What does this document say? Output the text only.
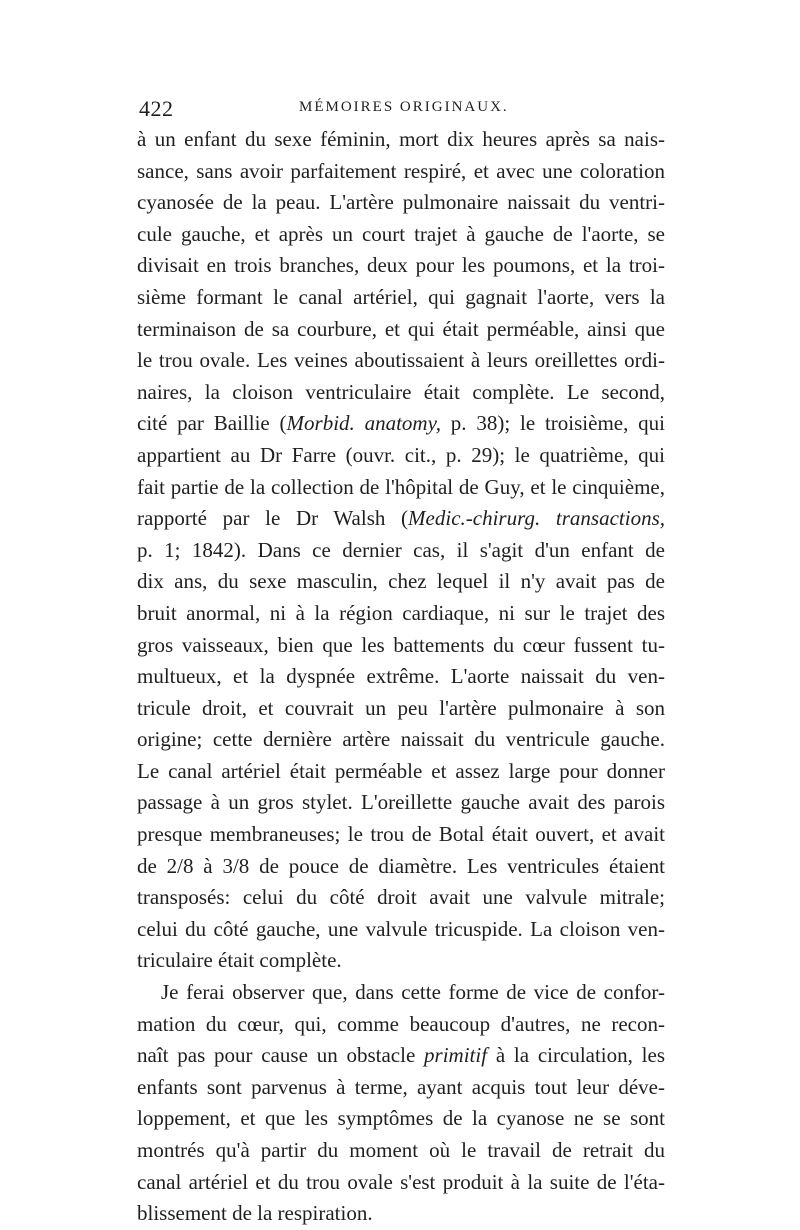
422	MÉMOIRES ORIGINAUX.
à un enfant du sexe féminin, mort dix heures après sa nais-
sance, sans avoir parfaitement respiré, et avec une coloration
cyanosée de la peau. L'artère pulmonaire naissait du ventri-
cule gauche, et après un court trajet à gauche de l'aorte, se
divisait en trois branches, deux pour les poumons, et la troi-
sième formant le canal artériel, qui gagnait l'aorte, vers la
terminaison de sa courbure, et qui était perméable, ainsi que
le trou ovale. Les veines aboutissaient à leurs oreillettes ordi-
naires, la cloison ventriculaire était complète. Le second,
cité par Baillie (Morbid. anatomy, p. 38); le troisième, qui
appartient au Dr Farre (ouvr. cit., p. 29); le quatrième, qui
fait partie de la collection de l'hôpital de Guy, et le cinquième,
rapporté par le Dr Walsh (Medic.-chirurg. transactions,
p. 1; 1842). Dans ce dernier cas, il s'agit d'un enfant de
dix ans, du sexe masculin, chez lequel il n'y avait pas de
bruit anormal, ni à la région cardiaque, ni sur le trajet des
gros vaisseaux, bien que les battements du cœur fussent tu-
multueux, et la dyspnée extrême. L'aorte naissait du ven-
tricule droit, et couvrait un peu l'artère pulmonaire à son
origine; cette dernière artère naissait du ventricule gauche.
Le canal artériel était perméable et assez large pour donner
passage à un gros stylet. L'oreillette gauche avait des parois
presque membraneuses; le trou de Botal était ouvert, et avait
de 2/8 à 3/8 de pouce de diamètre. Les ventricules étaient
transposés: celui du côté droit avait une valvule mitrale;
celui du côté gauche, une valvule tricuspide. La cloison ven-
triculaire était complète.
Je ferai observer que, dans cette forme de vice de confor-
mation du cœur, qui, comme beaucoup d'autres, ne recon-
naît pas pour cause un obstacle primitif à la circulation, les
enfants sont parvenus à terme, ayant acquis tout leur déve-
loppement, et que les symptômes de la cyanose ne se sont
montrés qu'à partir du moment où le travail de retrait du
canal artériel et du trou ovale s'est produit à la suite de l'éta-
blissement de la respiration.
